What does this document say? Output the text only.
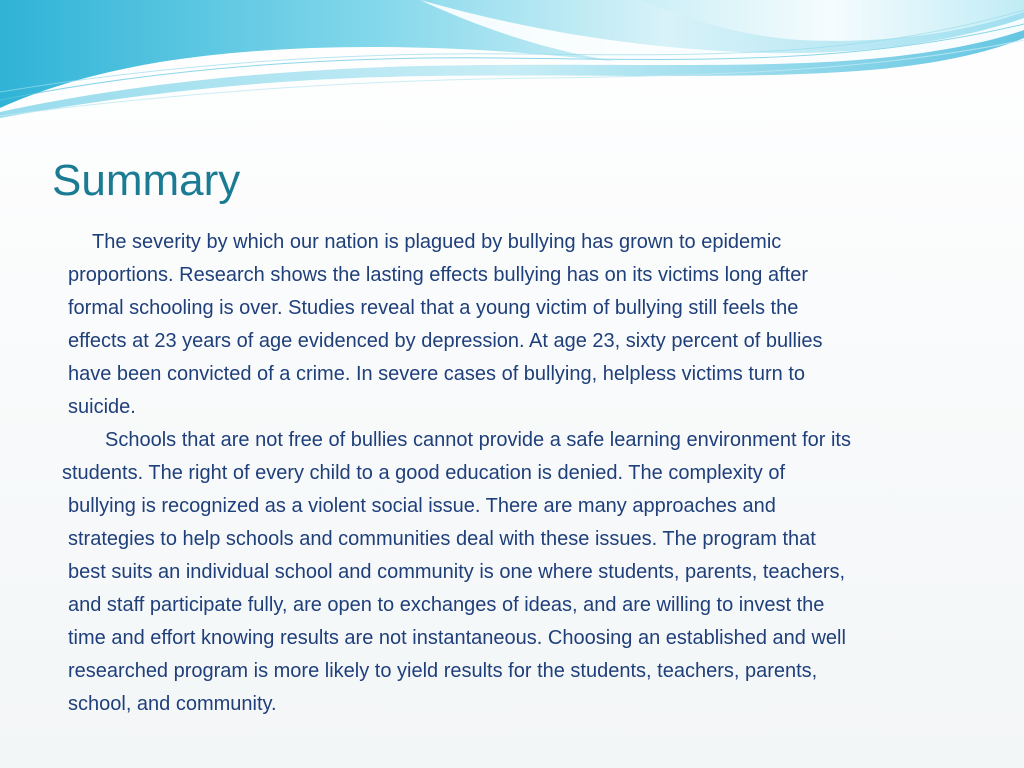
Summary

The severity by which our nation is plagued by bullying has grown to epidemic

proportions. Research shows the lasting effects bullying has on its victims long after

formal schooling is over. Studies reveal that a young victim of bullying still feels the

effects at 23 years of age evidenced by depression. At age 23, sixty percent of bullies

have been convicted of a crime. In severe cases of bullying, helpless victims turn to

suicide.

Schools that are not free of bullies cannot provide a safe learning environment for its

students. The right of every child to a good education is denied. The complexity of

bullying is recognized as a violent social issue. There are many approaches and

strategies to help schools and communities deal with these issues. The program that

best suits an individual school and community is one where students, parents, teachers,

and staff participate fully, are open to exchanges of ideas, and are willing to invest the

time and effort knowing results are not instantaneous. Choosing an established and well

researched program is more likely to yield results for the students, teachers, parents,

school, and community.
